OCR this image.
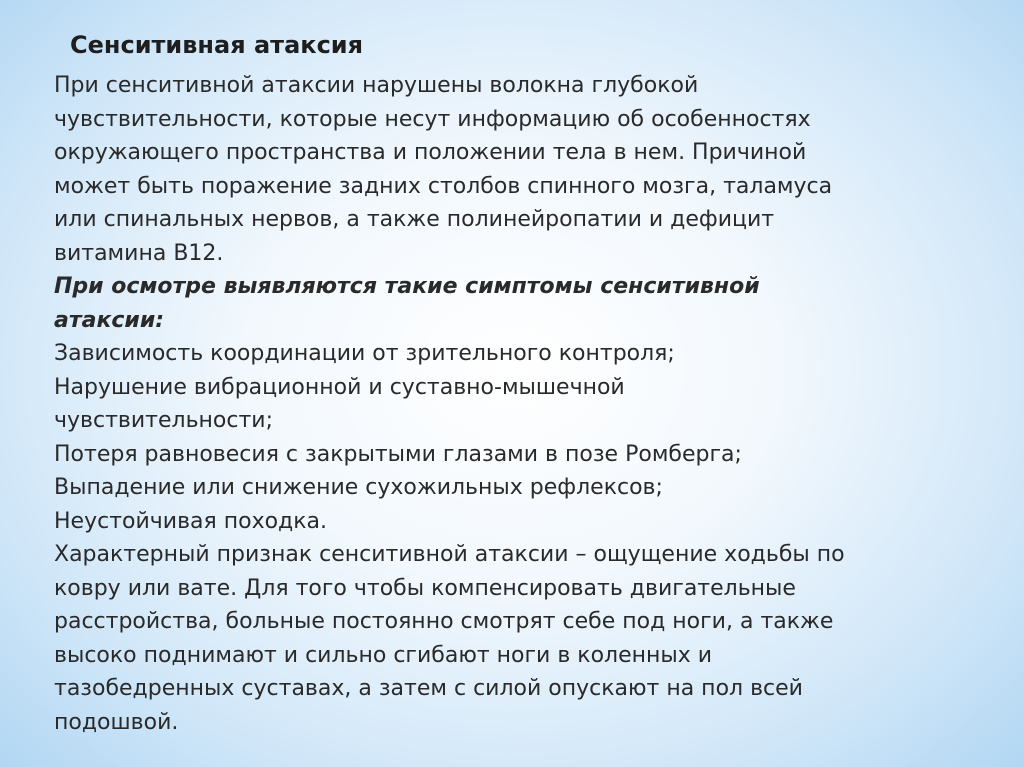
Сенситивная атаксия
При сенситивной атаксии нарушены волокна глубокой
чувствительности, которые несут информацию об особенностях
окружающего пространства и положении тела в нем. Причиной
может быть поражение задних столбов спинного мозга, таламуса
или спинальных нервов, а также полинейропатии и дефицит
витамина В12.
При осмотре выявляются такие симптомы сенситивной
атаксии:
Зависимость координации от зрительного контроля;
Нарушение вибрационной и суставно-мышечной
чувствительности;
Потеря равновесия с закрытыми глазами в позе Ромберга;
Выпадение или снижение сухожильных рефлексов;
Неустойчивая походка.
Характерный признак сенситивной атаксии – ощущение ходьбы по
ковру или вате. Для того чтобы компенсировать двигательные
расстройства, больные постоянно смотрят себе под ноги, а также
высоко поднимают и сильно сгибают ноги в коленных и
тазобедренных суставах, а затем с силой опускают на пол всей
подошвой.
